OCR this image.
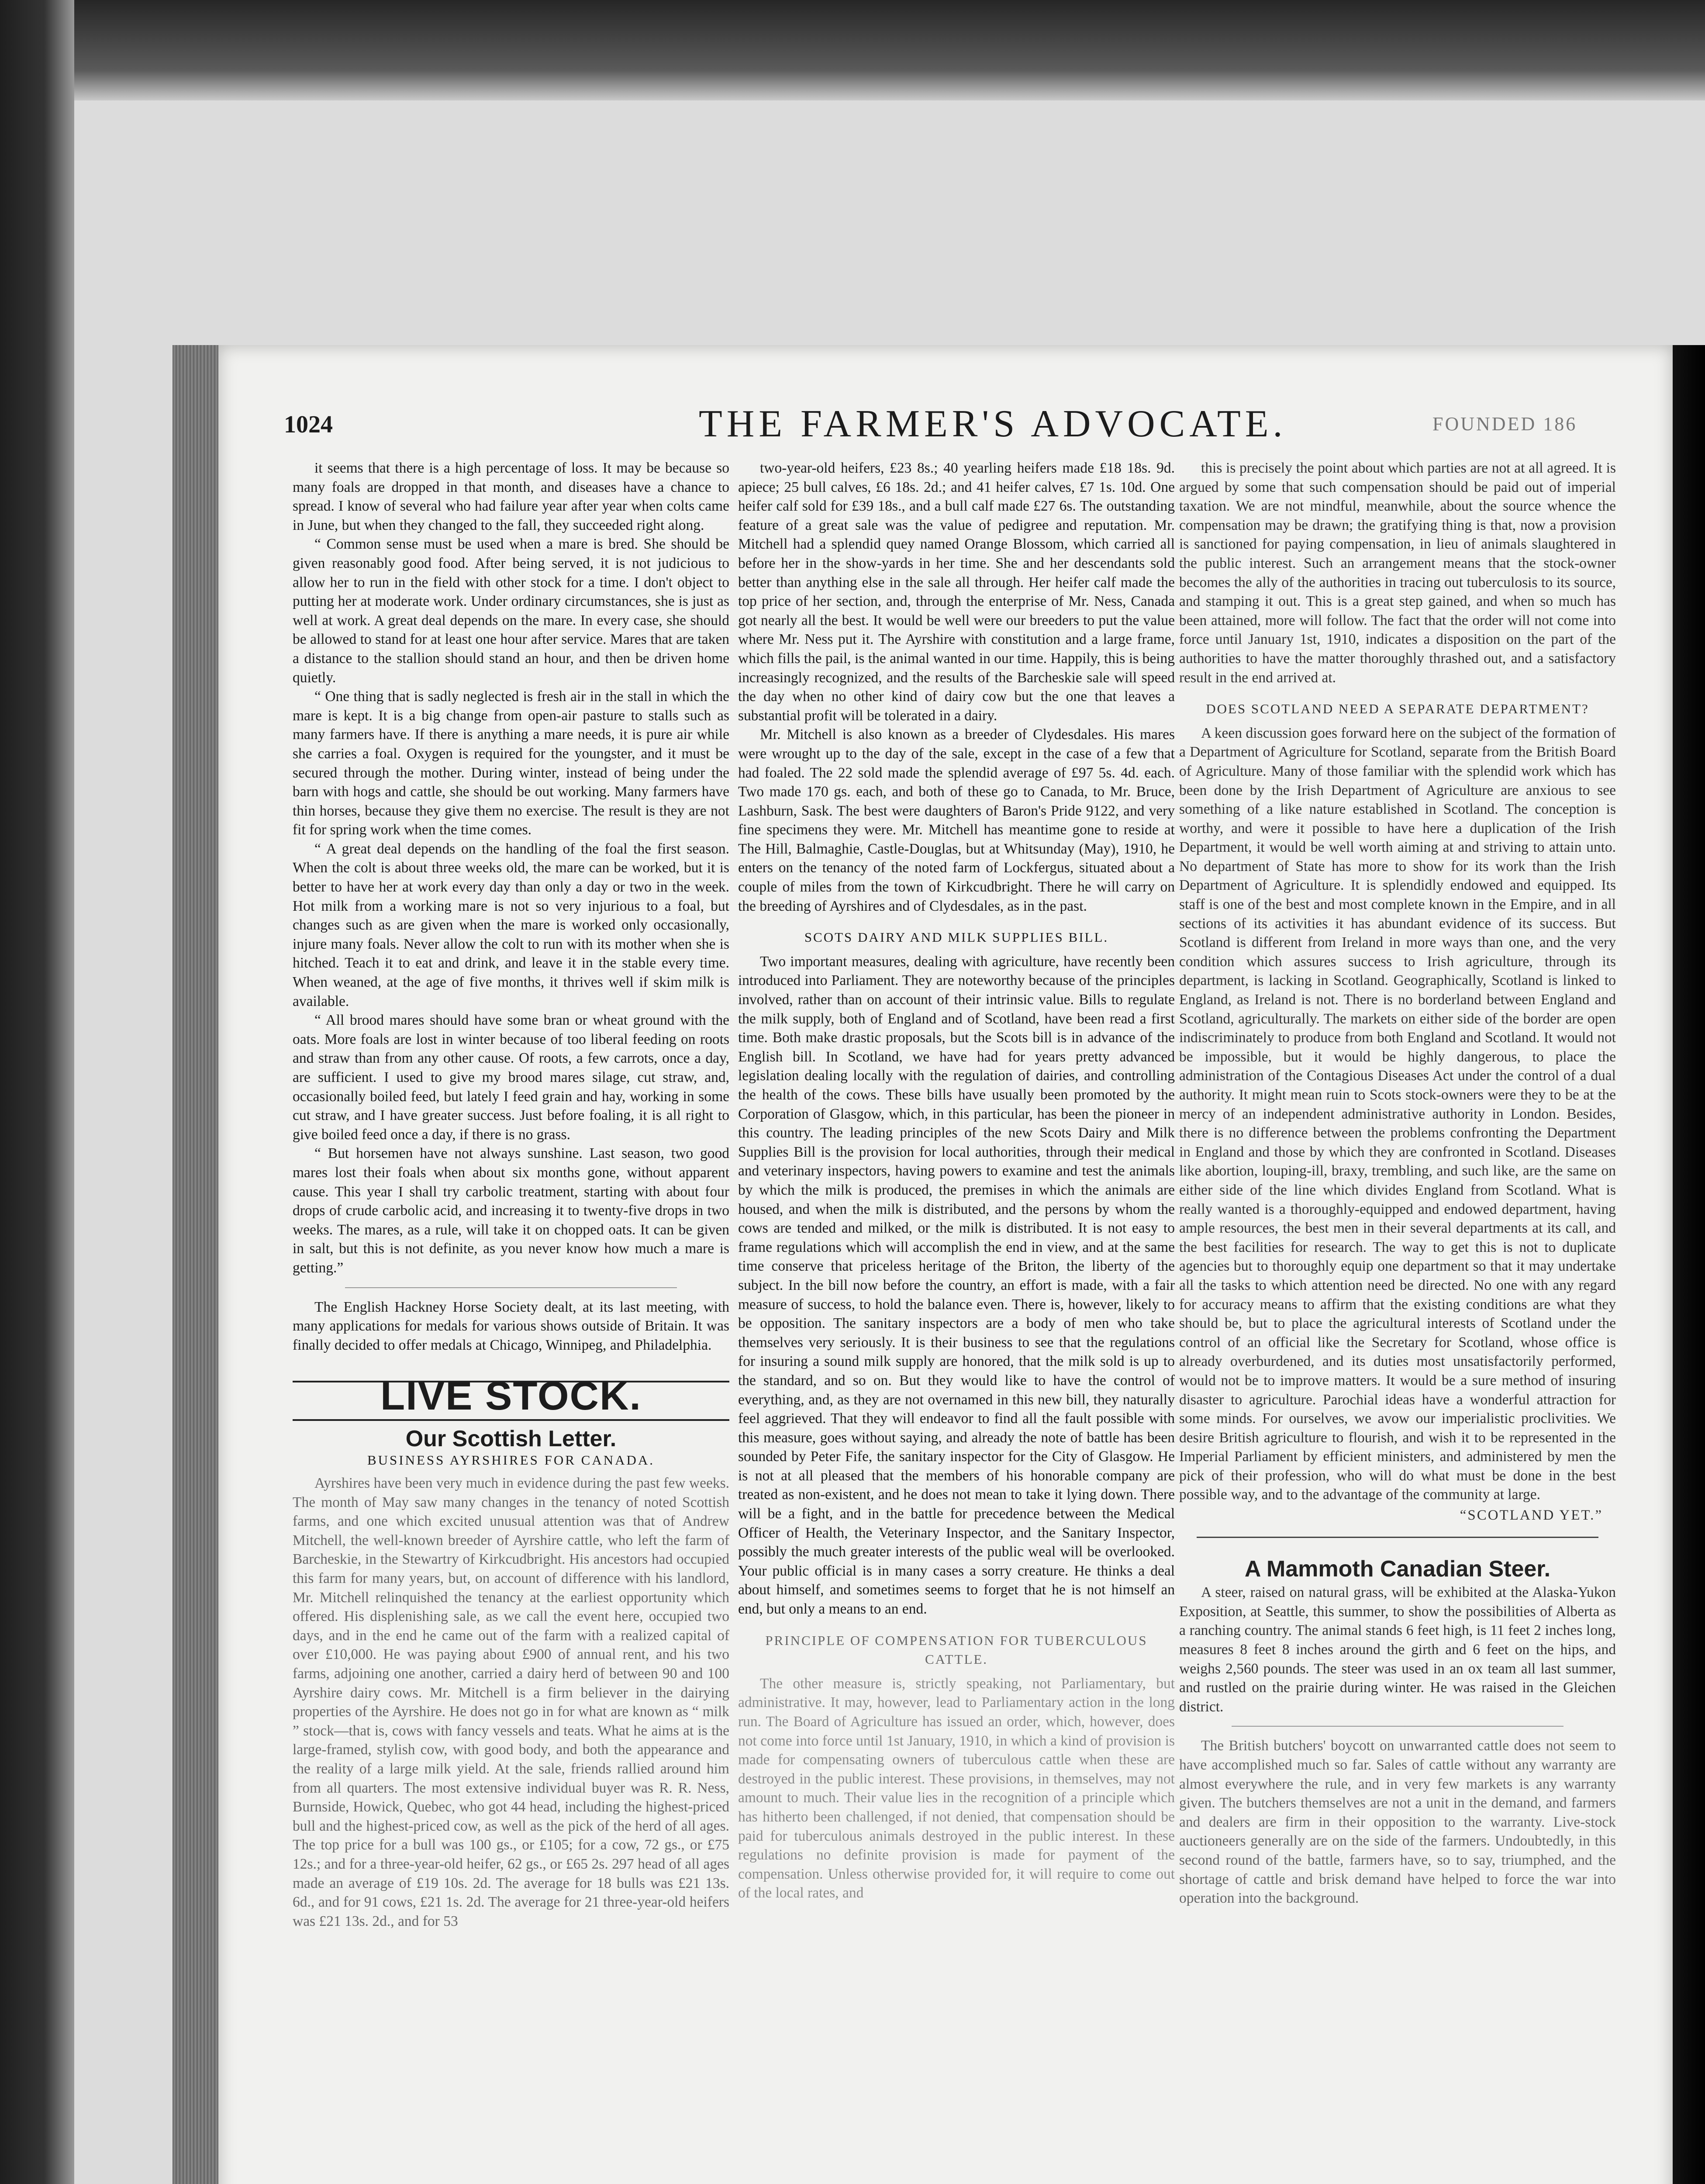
1024	THE FARMER'S ADVOCATE.	FOUNDED 186

it seems that there is a high percentage of loss. It may be because so many foals are dropped in that month, and diseases have a chance to spread. I know of several who had failure year after year when colts came in June, but when they changed to the fall, they succeeded right along.

“ Common sense must be used when a mare is bred. She should be given reasonably good food. After being served, it is not judicious to allow her to run in the field with other stock for a time. I don't object to putting her at moderate work. Under ordinary circumstances, she is just as well at work. A great deal depends on the mare. In every case, she should be allowed to stand for at least one hour after service. Mares that are taken a distance to the stallion should stand an hour, and then be driven home quietly.

“ One thing that is sadly neglected is fresh air in the stall in which the mare is kept. It is a big change from open-air pasture to stalls such as many farmers have. If there is anything a mare needs, it is pure air while she carries a foal. Oxygen is required for the youngster, and it must be secured through the mother. During winter, instead of being under the barn with hogs and cattle, she should be out working. Many farmers have thin horses, because they give them no exercise. The result is they are not fit for spring work when the time comes.

“ A great deal depends on the handling of the foal the first season. When the colt is about three weeks old, the mare can be worked, but it is better to have her at work every day than only a day or two in the week. Hot milk from a working mare is not so very injurious to a foal, but changes such as are given when the mare is worked only occasionally, injure many foals. Never allow the colt to run with its mother when she is hitched. Teach it to eat and drink, and leave it in the stable every time. When weaned, at the age of five months, it thrives well if skim milk is available.

“ All brood mares should have some bran or wheat ground with the oats. More foals are lost in winter because of too liberal feeding on roots and straw than from any other cause. Of roots, a few carrots, once a day, are sufficient. I used to give my brood mares silage, cut straw, and, occasionally boiled feed, but lately I feed grain and hay, working in some cut straw, and I have greater success. Just before foaling, it is all right to give boiled feed once a day, if there is no grass.

“ But horsemen have not always sunshine. Last season, two good mares lost their foals when about six months gone, without apparent cause. This year I shall try carbolic treatment, starting with about four drops of crude carbolic acid, and increasing it to twenty-five drops in two weeks. The mares, as a rule, will take it on chopped oats. It can be given in salt, but this is not definite, as you never know how much a mare is getting.”

The English Hackney Horse Society dealt, at its last meeting, with many applications for medals for various shows outside of Britain. It was finally decided to offer medals at Chicago, Winnipeg, and Philadelphia.

LIVE STOCK.
Our Scottish Letter.
BUSINESS AYRSHIRES FOR CANADA.

Ayrshires have been very much in evidence during the past few weeks. The month of May saw many changes in the tenancy of noted Scottish farms, and one which excited unusual attention was that of Andrew Mitchell, the well-known breeder of Ayrshire cattle, who left the farm of Barcheskie, in the Stewartry of Kirkcudbright. His ancestors had occupied this farm for many years, but, on account of difference with his landlord, Mr. Mitchell relinquished the tenancy at the earliest opportunity which offered. His displenishing sale, as we call the event here, occupied two days, and in the end he came out of the farm with a realized capital of over £10,000. He was paying about £900 of annual rent, and his two farms, adjoining one another, carried a dairy herd of between 90 and 100 Ayrshire dairy cows. Mr. Mitchell is a firm believer in the dairying properties of the Ayrshire. He does not go in for what are known as “ milk ” stock—that is, cows with fancy vessels and teats. What he aims at is the large-framed, stylish cow, with good body, and both the appearance and the reality of a large milk yield. At the sale, friends rallied around him from all quarters. The most extensive individual buyer was R. R. Ness, Burnside, Howick, Quebec, who got 44 head, including the highest-priced bull and the highest-priced cow, as well as the pick of the herd of all ages. The top price for a bull was 100 gs., or £105; for a cow, 72 gs., or £75 12s.; and for a three-year-old heifer, 62 gs., or £65 2s. 297 head of all ages made an average of £19 10s. 2d. The average for 18 bulls was £21 13s. 6d., and for 91 cows, £21 1s. 2d. The average for 21 three-year-old heifers was £21 13s. 2d., and for 53

two-year-old heifers, £23 8s.; 40 yearling heifers made £18 18s. 9d. apiece; 25 bull calves, £6 18s. 2d.; and 41 heifer calves, £7 1s. 10d. One heifer calf sold for £39 18s., and a bull calf made £27 6s. The outstanding feature of a great sale was the value of pedigree and reputation. Mr. Mitchell had a splendid quey named Orange Blossom, which carried all before her in the show-yards in her time. She and her descendants sold better than anything else in the sale all through. Her heifer calf made the top price of her section, and, through the enterprise of Mr. Ness, Canada got nearly all the best. It would be well were our breeders to put the value where Mr. Ness put it. The Ayrshire with constitution and a large frame, which fills the pail, is the animal wanted in our time. Happily, this is being increasingly recognized, and the results of the Barcheskie sale will speed the day when no other kind of dairy cow but the one that leaves a substantial profit will be tolerated in a dairy.

Mr. Mitchell is also known as a breeder of Clydesdales. His mares were wrought up to the day of the sale, except in the case of a few that had foaled. The 22 sold made the splendid average of £97 5s. 4d. each. Two made 170 gs. each, and both of these go to Canada, to Mr. Bruce, Lashburn, Sask. The best were daughters of Baron's Pride 9122, and very fine specimens they were. Mr. Mitchell has meantime gone to reside at The Hill, Balmaghie, Castle-Douglas, but at Whitsunday (May), 1910, he enters on the tenancy of the noted farm of Lockfergus, situated about a couple of miles from the town of Kirkcudbright. There he will carry on the breeding of Ayrshires and of Clydesdales, as in the past.

SCOTS DAIRY AND MILK SUPPLIES BILL.

Two important measures, dealing with agriculture, have recently been introduced into Parliament. They are noteworthy because of the principles involved, rather than on account of their intrinsic value. Bills to regulate the milk supply, both of England and of Scotland, have been read a first time. Both make drastic proposals, but the Scots bill is in advance of the English bill. In Scotland, we have had for years pretty advanced legislation dealing locally with the regulation of dairies, and controlling the health of the cows. These bills have usually been promoted by the Corporation of Glasgow, which, in this particular, has been the pioneer in this country. The leading principles of the new Scots Dairy and Milk Supplies Bill is the provision for local authorities, through their medical and veterinary inspectors, having powers to examine and test the animals by which the milk is produced, the premises in which the animals are housed, and when the milk is distributed, and the persons by whom the cows are tended and milked, or the milk is distributed. It is not easy to frame regulations which will accomplish the end in view, and at the same time conserve that priceless heritage of the Briton, the liberty of the subject. In the bill now before the country, an effort is made, with a fair measure of success, to hold the balance even. There is, however, likely to be opposition. The sanitary inspectors are a body of men who take themselves very seriously. It is their business to see that the regulations for insuring a sound milk supply are honored, that the milk sold is up to the standard, and so on. But they would like to have the control of everything, and, as they are not overnamed in this new bill, they naturally feel aggrieved. That they will endeavor to find all the fault possible with this measure, goes without saying, and already the note of battle has been sounded by Peter Fife, the sanitary inspector for the City of Glasgow. He is not at all pleased that the members of his honorable company are treated as non-existent, and he does not mean to take it lying down. There will be a fight, and in the battle for precedence between the Medical Officer of Health, the Veterinary Inspector, and the Sanitary Inspector, possibly the much greater interests of the public weal will be overlooked. Your public official is in many cases a sorry creature. He thinks a deal about himself, and sometimes seems to forget that he is not himself an end, but only a means to an end.

PRINCIPLE OF COMPENSATION FOR TUBERCULOUS CATTLE.

The other measure is, strictly speaking, not Parliamentary, but administrative. It may, however, lead to Parliamentary action in the long run. The Board of Agriculture has issued an order, which, however, does not come into force until 1st January, 1910, in which a kind of provision is made for compensating owners of tuberculous cattle when these are destroyed in the public interest. These provisions, in themselves, may not amount to much. Their value lies in the recognition of a principle which has hitherto been challenged, if not denied, that compensation should be paid for tuberculous animals destroyed in the public interest. In these regulations no definite provision is made for payment of the compensation. Unless otherwise provided for, it will require to come out of the local rates, and

this is precisely the point about which parties are not at all agreed. It is argued by some that such compensation should be paid out of imperial taxation. We are not mindful, meanwhile, about the source whence the compensation may be drawn; the gratifying thing is that, now a provision is sanctioned for paying compensation, in lieu of animals slaughtered in the public interest. Such an arrangement means that the stock-owner becomes the ally of the authorities in tracing out tuberculosis to its source, and stamping it out. This is a great step gained, and when so much has been attained, more will follow. The fact that the order will not come into force until January 1st, 1910, indicates a disposition on the part of the authorities to have the matter thoroughly thrashed out, and a satisfactory result in the end arrived at.

DOES SCOTLAND NEED A SEPARATE DEPARTMENT?

A keen discussion goes forward here on the subject of the formation of a Department of Agriculture for Scotland, separate from the British Board of Agriculture. Many of those familiar with the splendid work which has been done by the Irish Department of Agriculture are anxious to see something of a like nature established in Scotland. The conception is worthy, and were it possible to have here a duplication of the Irish Department, it would be well worth aiming at and striving to attain unto. No department of State has more to show for its work than the Irish Department of Agriculture. It is splendidly endowed and equipped. Its staff is one of the best and most complete known in the Empire, and in all sections of its activities it has abundant evidence of its success. But Scotland is different from Ireland in more ways than one, and the very condition which assures success to Irish agriculture, through its department, is lacking in Scotland. Geographically, Scotland is linked to England, as Ireland is not. There is no borderland between England and Scotland, agriculturally. The markets on either side of the border are open indiscriminately to produce from both England and Scotland. It would not be impossible, but it would be highly dangerous, to place the administration of the Contagious Diseases Act under the control of a dual authority. It might mean ruin to Scots stock-owners were they to be at the mercy of an independent administrative authority in London. Besides, there is no difference between the problems confronting the Department in England and those by which they are confronted in Scotland. Diseases like abortion, louping-ill, braxy, trembling, and such like, are the same on either side of the line which divides England from Scotland. What is really wanted is a thoroughly-equipped and endowed department, having ample resources, the best men in their several departments at its call, and the best facilities for research. The way to get this is not to duplicate agencies but to thoroughly equip one department so that it may undertake all the tasks to which attention need be directed. No one with any regard for accuracy means to affirm that the existing conditions are what they should be, but to place the agricultural interests of Scotland under the control of an official like the Secretary for Scotland, whose office is already overburdened, and its duties most unsatisfactorily performed, would not be to improve matters. It would be a sure method of insuring disaster to agriculture. Parochial ideas have a wonderful attraction for some minds. For ourselves, we avow our imperialistic proclivities. We desire British agriculture to flourish, and wish it to be represented in the Imperial Parliament by efficient ministers, and administered by men the pick of their profession, who will do what must be done in the best possible way, and to the advantage of the community at large.

“SCOTLAND YET.”
A Mammoth Canadian Steer.

A steer, raised on natural grass, will be exhibited at the Alaska-Yukon Exposition, at Seattle, this summer, to show the possibilities of Alberta as a ranching country. The animal stands 6 feet high, is 11 feet 2 inches long, measures 8 feet 8 inches around the girth and 6 feet on the hips, and weighs 2,560 pounds. The steer was used in an ox team all last summer, and rustled on the prairie during winter. He was raised in the Gleichen district.

The British butchers' boycott on unwarranted cattle does not seem to have accomplished much so far. Sales of cattle without any warranty are almost everywhere the rule, and in very few markets is any warranty given. The butchers themselves are not a unit in the demand, and farmers and dealers are firm in their opposition to the warranty. Live-stock auctioneers generally are on the side of the farmers. Undoubtedly, in this second round of the battle, farmers have, so to say, triumphed, and the shortage of cattle and brisk demand have helped to force the war into operation into the background.
